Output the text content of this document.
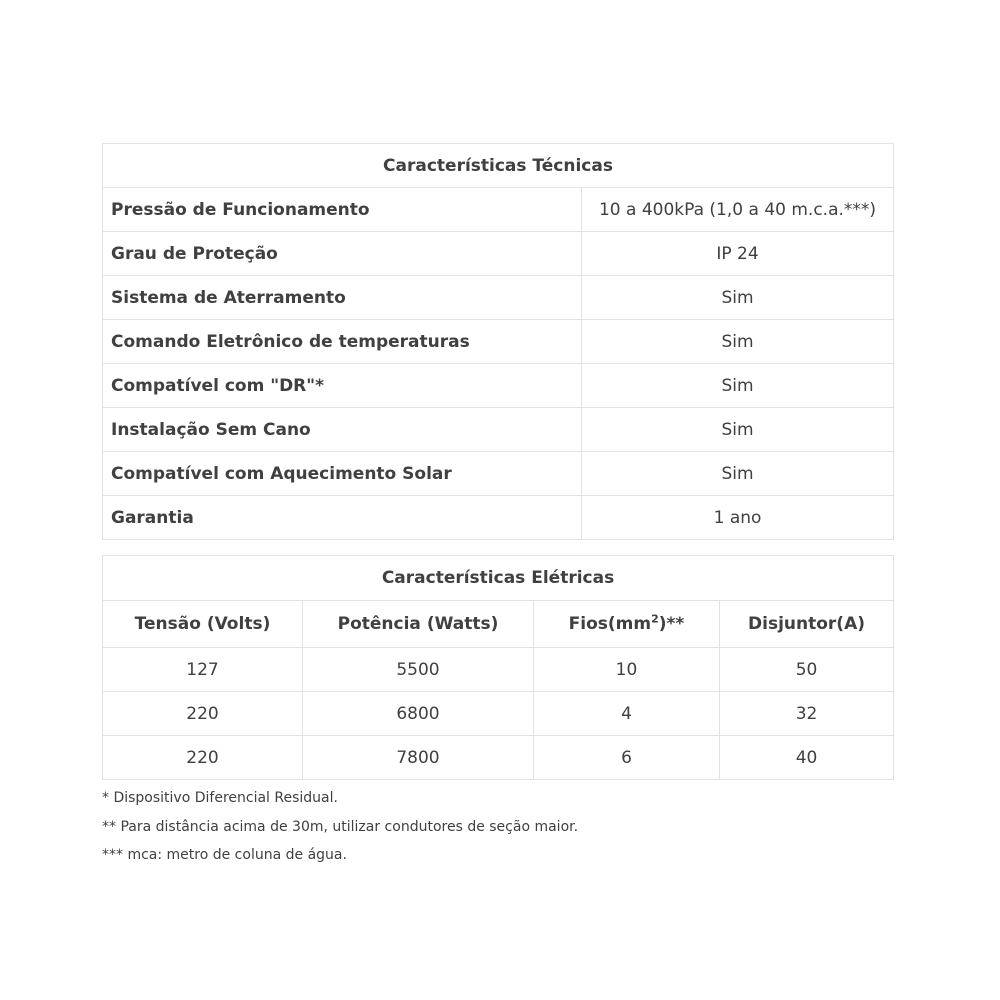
Características Técnicas	
Pressão de Funcionamento	10 a 400kPa (1,0 a 40 m.c.a.***)
Grau de Proteção	IP 24
Sistema de Aterramento	Sim
Comando Eletrônico de temperaturas	Sim
Compatível com "DR"*	Sim
Instalação Sem Cano	Sim
Compatível com Aquecimento Solar	Sim
Garantia	1 ano
Características Elétricas			
Tensão (Volts)	Potência (Watts)	$Fios(mm^2)**$	Disjuntor(A)
127	5500	10	50
220	6800	4	32
220	7800	6	40
* Dispositivo Diferencial Residual.
** Para distância acima de 30m, utilizar condutores de seção maior.
*** mca: metro de coluna de água.
